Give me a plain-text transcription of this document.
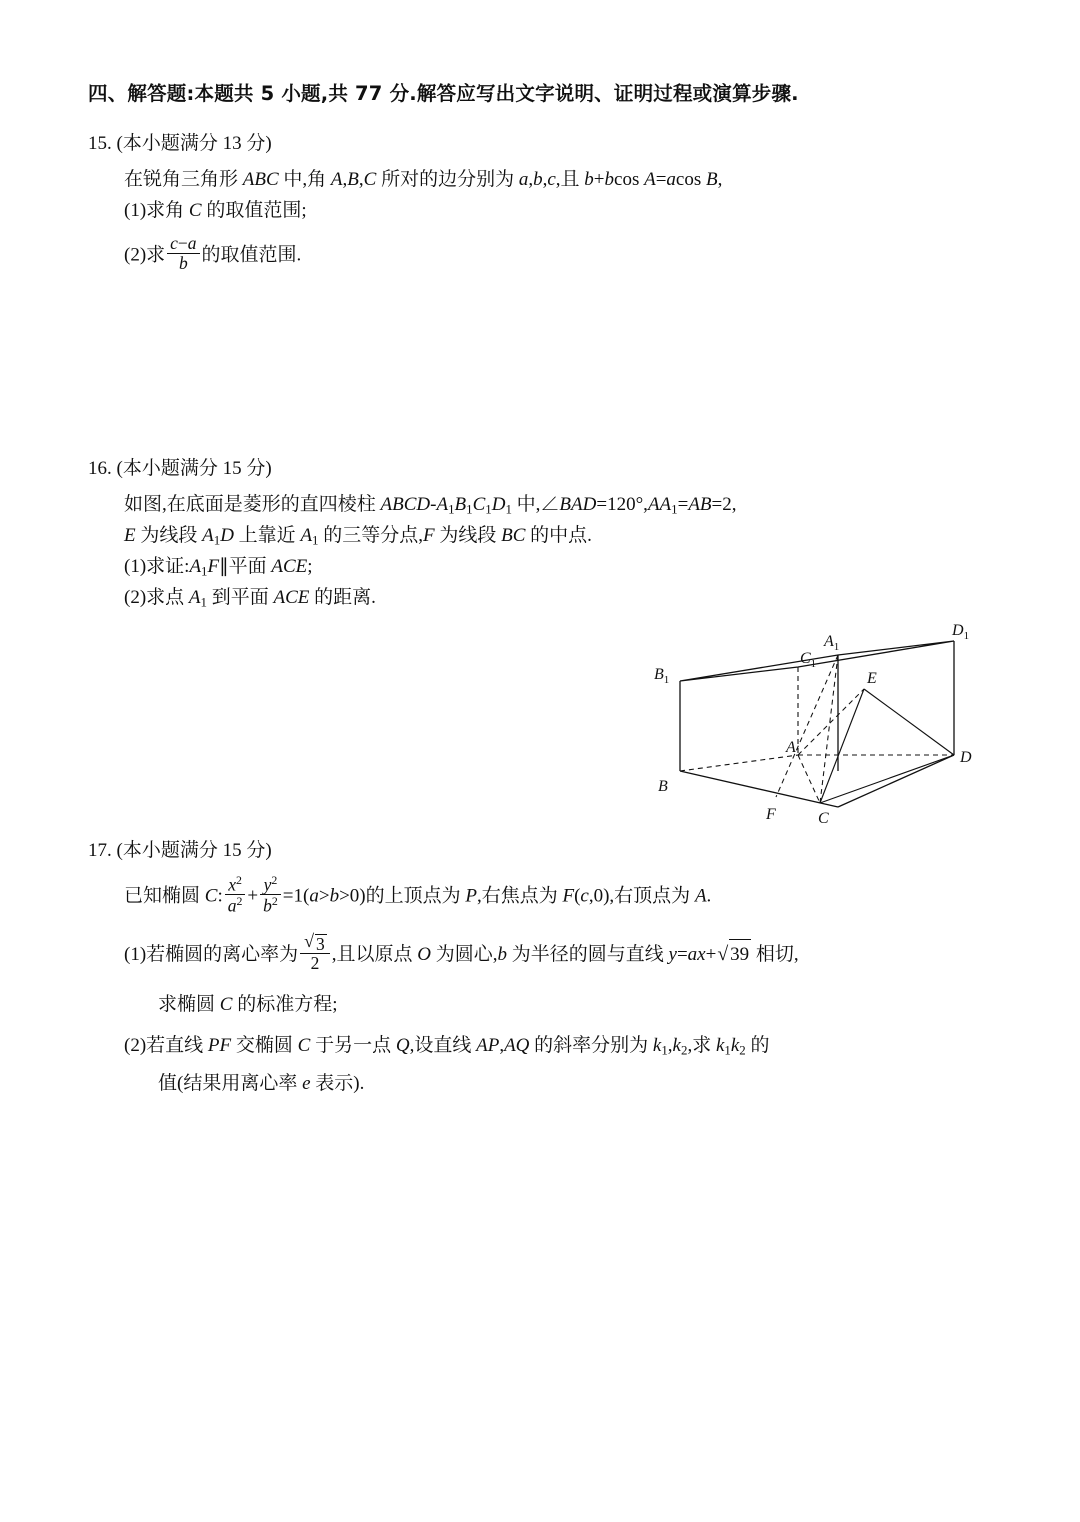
四、解答题:本题共 5 小题,共 77 分.解答应写出文字说明、证明过程或演算步骤.
15. (本小题满分 13 分)
在锐角三角形 ABC 中,角 A,B,C 所对的边分别为 a,b,c,且 b+bcos A=acos B,
(1)求角 C 的取值范围;
(2)求 $\frac{c-a}{b}$ 的取值范围.
16. (本小题满分 15 分)
如图,在底面是菱形的直四棱柱 ABCD-$A_1B_1C_1D_1$ 中$,\angle BAD=120^\circ,AA_1=AB=2$,
E 为线段 $A_1D$ 上靠近 $A_1$ 的三等分点,F 为线段 BC 的中点.
(1)求证$:A_1F\parallel$平面 ACE;
(2)求点 $A_1$ 到平面 ACE 的距离.
$A_1$
$D_1$
$B_1$
$C_1$
E
A
D
B
F	C
17. (本小题满分 15 分)
已知椭圆 C: $\frac{x^2}{a^2} + \frac{y^2}{b^2} =1(a>b>0)$的上顶点为 P,右焦点为 F(c,0),右顶点为 A.
(1)若椭圆的离心率为 √ $\frac{3}{2}$ ,且以原点 O 为圆心,b 为半径的圆与直线 y=ax+ √ 39 相切,
求椭圆 C 的标准方程;
(2)若直线 PF 交椭圆 C 于另一点 Q,设直线 AP,AQ 的斜率分别为 $k_1,k_2$,求 $k_1k_2$ 的
值(结果用离心率 e 表示).
